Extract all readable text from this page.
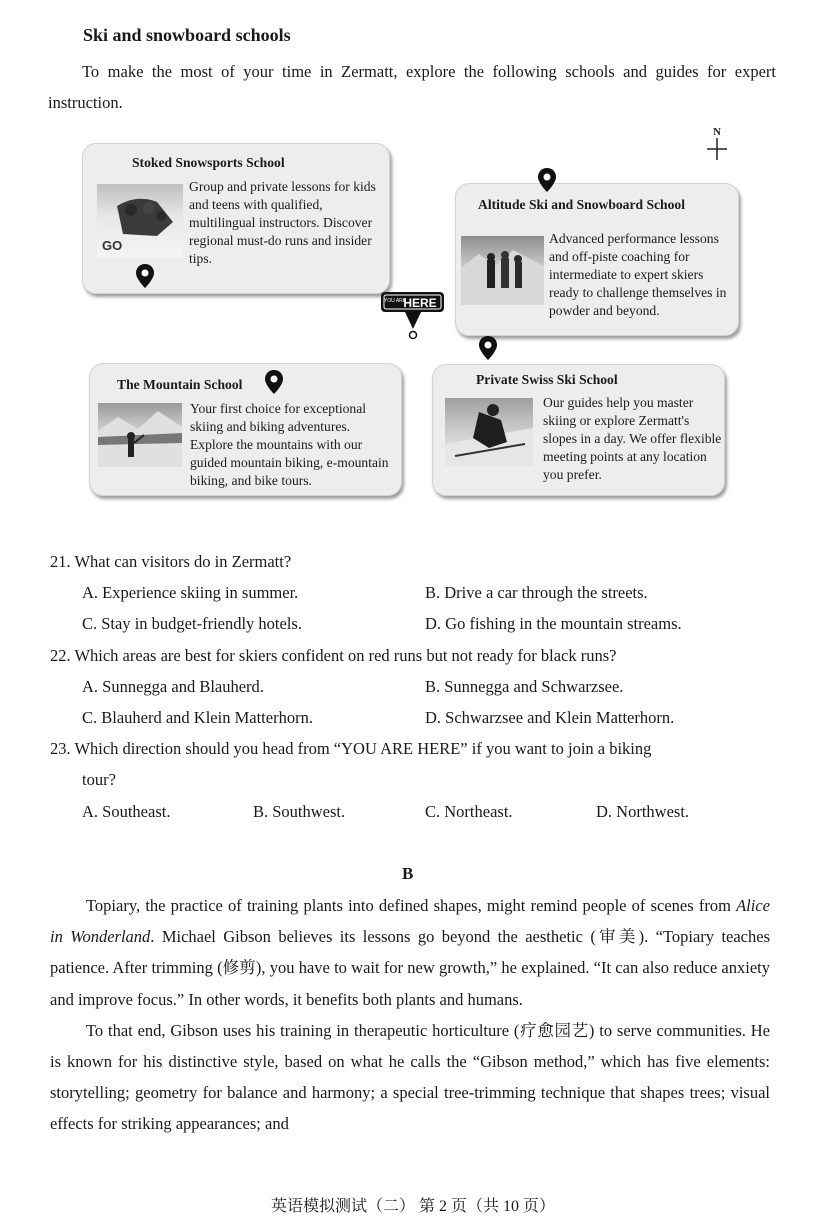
Ski and snowboard schools
To make the most of your time in Zermatt, explore the following schools and guides for expert instruction.
N
Stoked Snowsports School
GO
Group and private lessons for kids and teens with qualified, multilingual instructors. Discover regional must-do runs and insider tips.
Altitude Ski and Snowboard School
Advanced performance lessons and off-piste coaching for intermediate to expert skiers ready to challenge themselves in powder and beyond.
YOU ARE
HERE
The Mountain School
Your first choice for exceptional skiing and biking adventures. Explore the mountains with our guided mountain biking, e-mountain biking, and bike tours.
Private Swiss Ski School
Our guides help you master skiing or explore Zermatt's slopes in a day. We offer flexible meeting points at any location you prefer.
21. What can visitors do in Zermatt?
A. Experience skiing in summer.	B. Drive a car through the streets.
C. Stay in budget-friendly hotels.	D. Go fishing in the mountain streams.
22. Which areas are best for skiers confident on red runs but not ready for black runs?
A. Sunnegga and Blauherd.	B. Sunnegga and Schwarzsee.
C. Blauherd and Klein Matterhorn.	D. Schwarzsee and Klein Matterhorn.
23. Which direction should you head from “YOU ARE HERE” if you want to join a biking
tour?
A. Southeast.	B. Southwest.	C. Northeast.	D. Northwest.
B

Topiary, the practice of training plants into defined shapes, might remind people of scenes from Alice in Wonderland. Michael Gibson believes its lessons go beyond the aesthetic (审美). “Topiary teaches patience. After trimming (修剪), you have to wait for new growth,” he explained. “It can also reduce anxiety and improve focus.” In other words, it benefits both plants and humans.

To that end, Gibson uses his training in therapeutic horticulture (疗愈园艺) to serve communities. He is known for his distinctive style, based on what he calls the “Gibson method,” which has five elements: storytelling; geometry for balance and harmony; a special tree-trimming technique that shapes trees; visual effects for striking appearances; and

英语模拟测试（二） 第 2 页（共 10 页）
